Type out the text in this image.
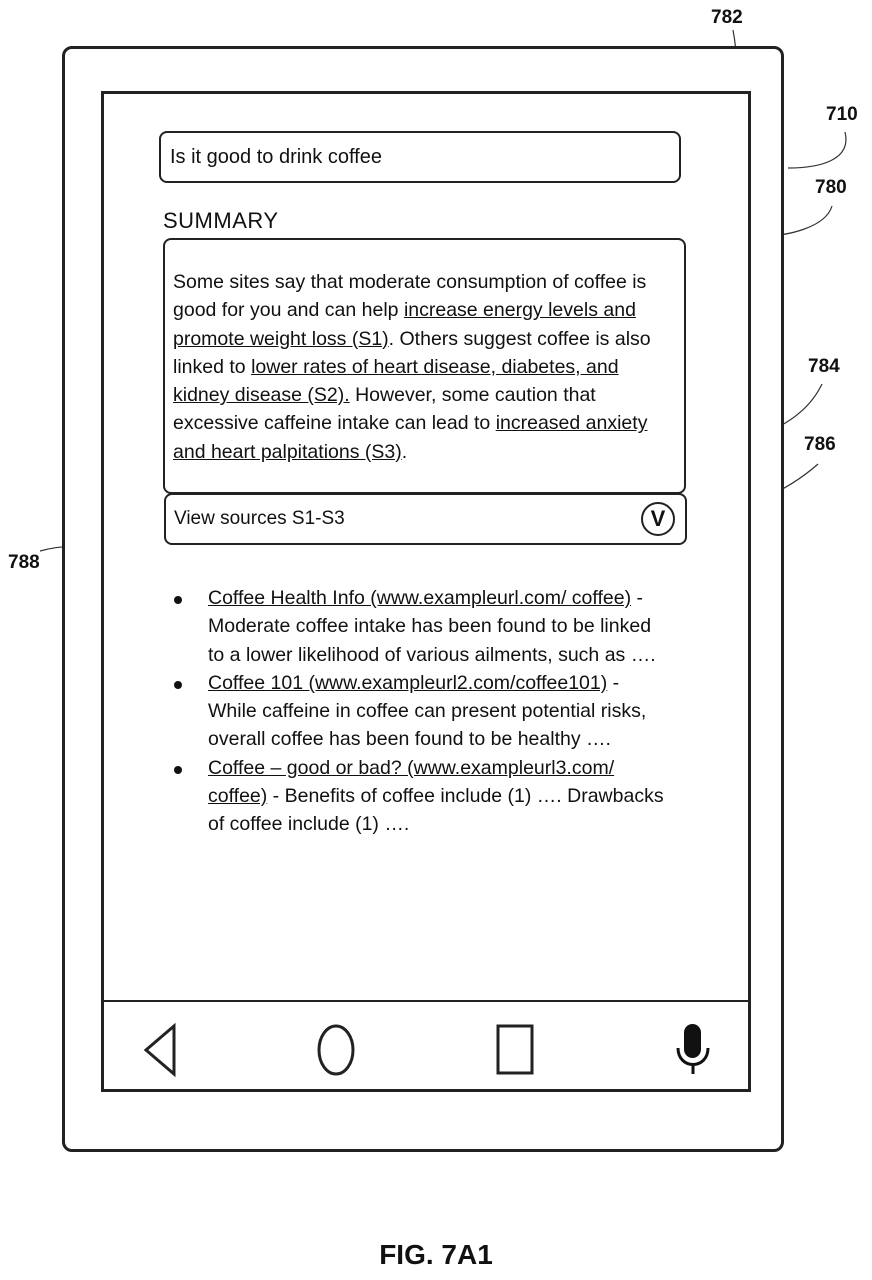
782
710
780
784
786
788
Is it good to drink coffee
SUMMARY
Some sites say that moderate consumption of coffee is good for you and can help increase energy levels and promote weight loss (S1). Others suggest coffee is also linked to lower rates of heart disease, diabetes, and kidney disease (S2). However, some caution that excessive caffeine intake can lead to increased anxiety and heart palpitations (S3).
View sources S1-S3	V
Coffee Health Info (www.exampleurl.com/ coffee) - Moderate coffee intake has been found to be linked to a lower likelihood of various ailments, such as ….
Coffee 101 (www.exampleurl2.com/coffee101) - While caffeine in coffee can present potential risks, overall coffee has been found to be healthy ….
Coffee – good or bad? (www.exampleurl3.com/ coffee) - Benefits of coffee include (1) …. Drawbacks of coffee include (1) ….
FIG. 7A1
